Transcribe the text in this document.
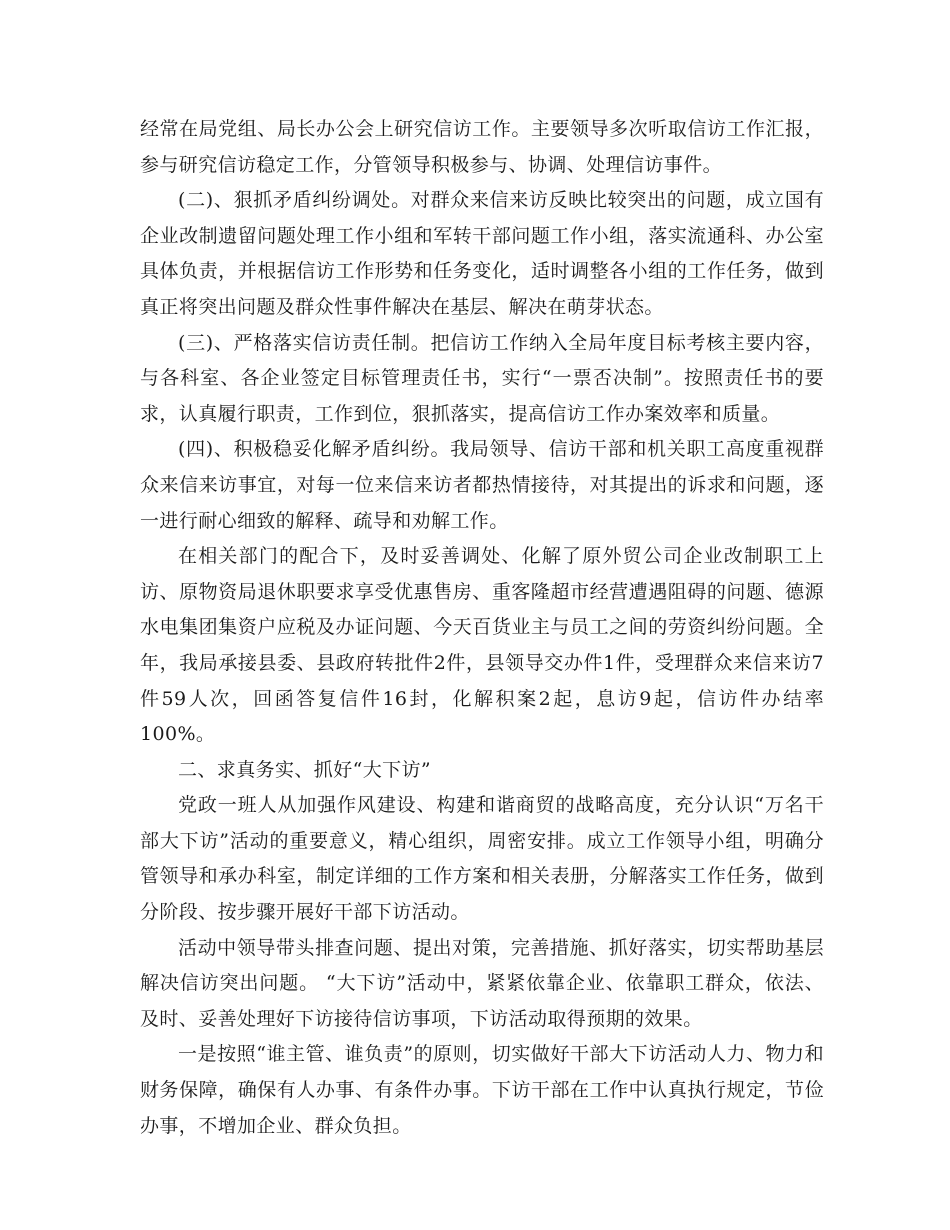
经常在局党组、局长办公会上研究信访工作。主要领导多次听取信访工作汇报，参与研究信访稳定工作，分管领导积极参与、协调、处理信访事件。

(二)、狠抓矛盾纠纷调处。对群众来信来访反映比较突出的问题，成立国有企业改制遗留问题处理工作小组和军转干部问题工作小组，落实流通科、办公室具体负责，并根据信访工作形势和任务变化，适时调整各小组的工作任务，做到真正将突出问题及群众性事件解决在基层、解决在萌芽状态。

(三)、严格落实信访责任制。把信访工作纳入全局年度目标考核主要内容，与各科室、各企业签定目标管理责任书，实行“一票否决制”。按照责任书的要求，认真履行职责，工作到位，狠抓落实，提高信访工作办案效率和质量。

(四)、积极稳妥化解矛盾纠纷。我局领导、信访干部和机关职工高度重视群众来信来访事宜，对每一位来信来访者都热情接待，对其提出的诉求和问题，逐一进行耐心细致的解释、疏导和劝解工作。

在相关部门的配合下，及时妥善调处、化解了原外贸公司企业改制职工上访、原物资局退休职要求享受优惠售房、重客隆超市经营遭遇阻碍的问题、德源水电集团集资户应税及办证问题、今天百货业主与员工之间的劳资纠纷问题。全年，我局承接县委、县政府转批件2件，县领导交办件1件，受理群众来信来访7件59人次，回函答复信件16封，化解积案2起，息访9起，信访件办结率100%。

二、求真务实、抓好“大下访”

党政一班人从加强作风建设、构建和谐商贸的战略高度，充分认识“万名干部大下访”活动的重要意义，精心组织，周密安排。成立工作领导小组，明确分管领导和承办科室，制定详细的工作方案和相关表册，分解落实工作任务，做到分阶段、按步骤开展好干部下访活动。

活动中领导带头排查问题、提出对策，完善措施、抓好落实，切实帮助基层解决信访突出问题。 “大下访”活动中，紧紧依靠企业、依靠职工群众，依法、及时、妥善处理好下访接待信访事项，下访活动取得预期的效果。

一是按照“谁主管、谁负责”的原则，切实做好干部大下访活动人力、物力和财务保障，确保有人办事、有条件办事。下访干部在工作中认真执行规定，节俭办事，不增加企业、群众负担。
